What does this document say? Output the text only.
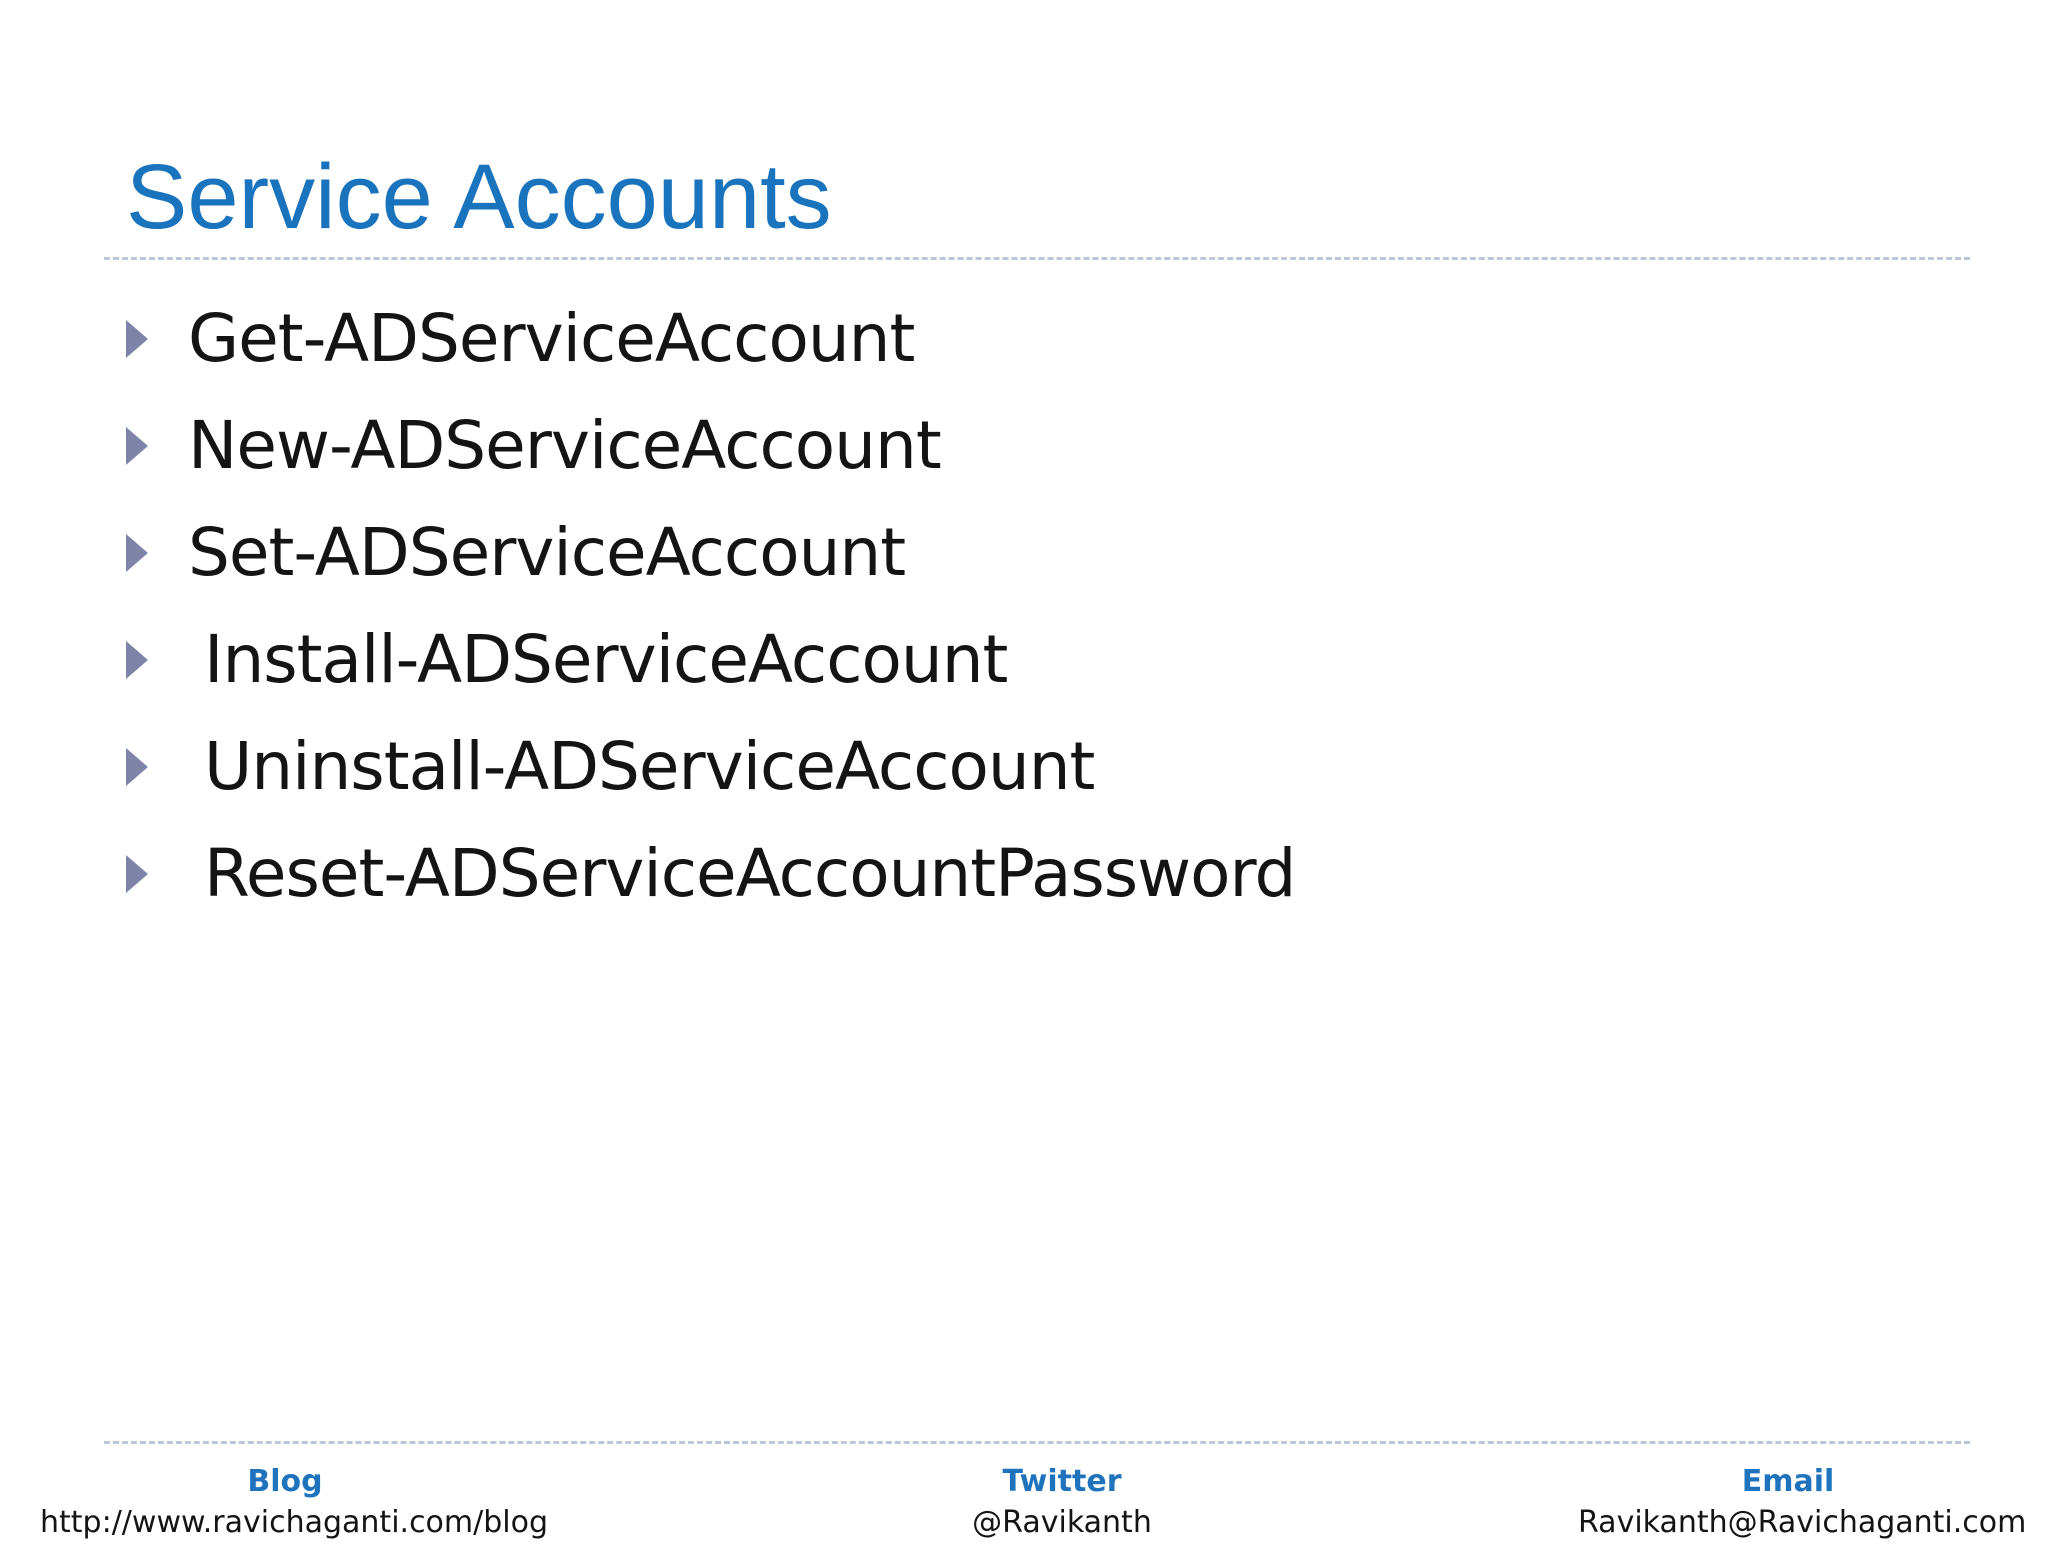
Service Accounts
Get-ADServiceAccount
New-ADServiceAccount
Set-ADServiceAccount
Install-ADServiceAccount
Uninstall-ADServiceAccount
Reset-ADServiceAccountPassword
Blog
http://www.ravichaganti.com/blog
Twitter
@Ravikanth
Email
Ravikanth@Ravichaganti.com
